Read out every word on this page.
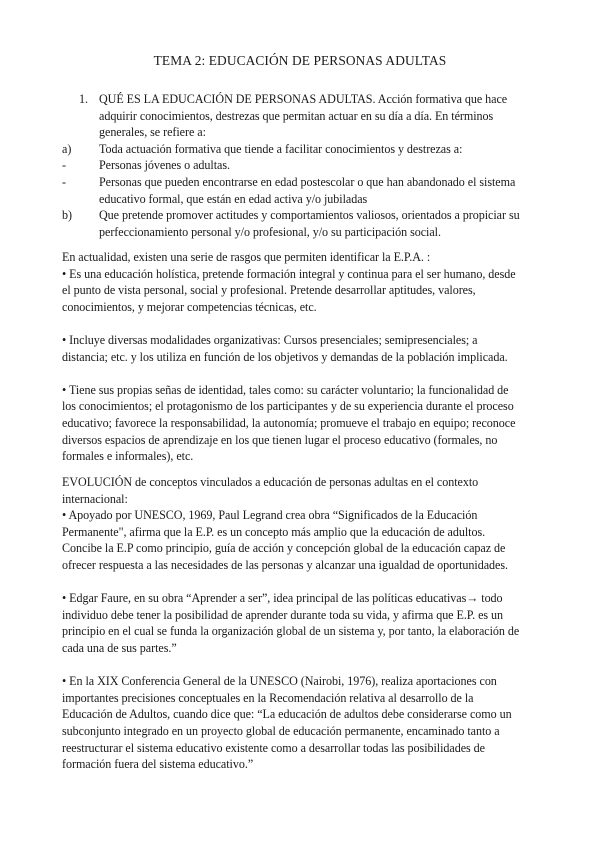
TEMA 2: EDUCACIÓN DE PERSONAS ADULTAS
1. QUÉ ES LA EDUCACIÓN DE PERSONAS ADULTAS. Acción formativa que hace adquirir conocimientos, destrezas que permitan actuar en su día a día. En términos generales, se refiere a:

a) Toda actuación formativa que tiende a facilitar conocimientos y destrezas a:

-	Personas jóvenes o adultas.

-	Personas que pueden encontrarse en edad postescolar o que han abandonado el sistema educativo formal, que están en edad activa y/o jubiladas

b) Que pretende promover actitudes y comportamientos valiosos, orientados a propiciar su perfeccionamiento personal y/o profesional, y/o su participación social.

En actualidad, existen una serie de rasgos que permiten identificar la E.P.A. :

• Es una educación holística, pretende formación integral y continua para el ser humano, desde el punto de vista personal, social y profesional. Pretende desarrollar aptitudes, valores, conocimientos, y mejorar competencias técnicas, etc.

• Incluye diversas modalidades organizativas: Cursos presenciales; semipresenciales; a distancia; etc. y los utiliza en función de los objetivos y demandas de la población implicada.

• Tiene sus propias señas de identidad, tales como: su carácter voluntario; la funcionalidad de los conocimientos; el protagonismo de los participantes y de su experiencia durante el proceso educativo; favorece la responsabilidad, la autonomía; promueve el trabajo en equipo; reconoce diversos espacios de aprendizaje en los que tienen lugar el proceso educativo (formales, no formales e informales), etc.

EVOLUCIÓN de conceptos vinculados a educación de personas adultas en el contexto internacional:

• Apoyado por UNESCO, 1969, Paul Legrand crea obra “Significados de la Educación Permanente", afirma que la E.P. es un concepto más amplio que la educación de adultos. Concibe la E.P como principio, guía de acción y concepción global de la educación capaz de ofrecer respuesta a las necesidades de las personas y alcanzar una igualdad de oportunidades.

• Edgar Faure, en su obra “Aprender a ser”, idea principal de las políticas educativas→ todo individuo debe tener la posibilidad de aprender durante toda su vida, y afirma que E.P. es un principio en el cual se funda la organización global de un sistema y, por tanto, la elaboración de cada una de sus partes.”

• En la XIX Conferencia General de la UNESCO (Nairobi, 1976), realiza aportaciones con importantes precisiones conceptuales en la Recomendación relativa al desarrollo de la Educación de Adultos, cuando dice que: “La educación de adultos debe considerarse como un subconjunto integrado en un proyecto global de educación permanente, encaminado tanto a reestructurar el sistema educativo existente como a desarrollar todas las posibilidades de formación fuera del sistema educativo.”
